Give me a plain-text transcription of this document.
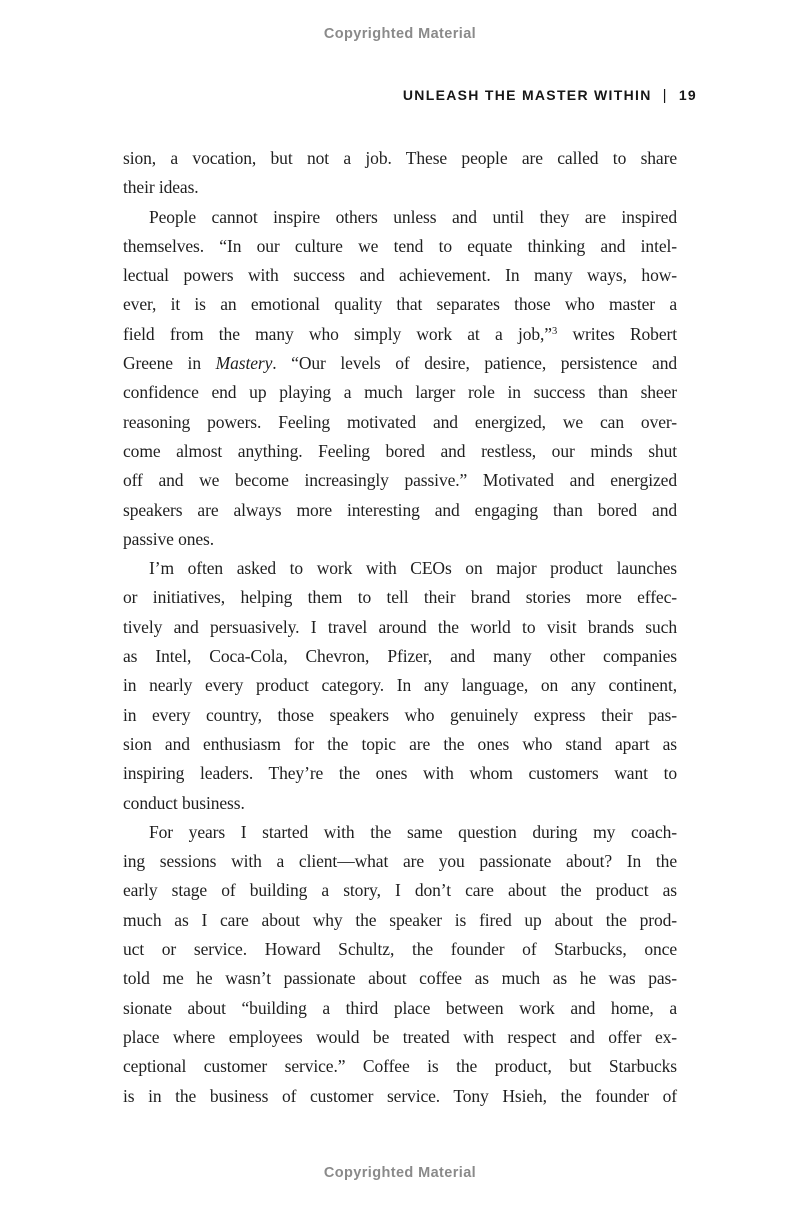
Copyrighted Material
UNLEASH THE MASTER WITHIN | 19
sion, a vocation, but not a job. These people are called to share
their ideas.
People cannot inspire others unless and until they are inspired
themselves. “In our culture we tend to equate thinking and intel-
lectual powers with success and achievement. In many ways, how-
ever, it is an emotional quality that separates those who master a
field from the many who simply work at a job,”$^3$ writes Robert
Greene in Mastery. “Our levels of desire, patience, persistence and
confidence end up playing a much larger role in success than sheer
reasoning powers. Feeling motivated and energized, we can over-
come almost anything. Feeling bored and restless, our minds shut
off and we become increasingly passive.” Motivated and energized
speakers are always more interesting and engaging than bored and
passive ones.
I’m often asked to work with CEOs on major product launches
or initiatives, helping them to tell their brand stories more effec-
tively and persuasively. I travel around the world to visit brands such
as Intel, Coca-Cola, Chevron, Pfizer, and many other companies
in nearly every product category. In any language, on any continent,
in every country, those speakers who genuinely express their pas-
sion and enthusiasm for the topic are the ones who stand apart as
inspiring leaders. They’re the ones with whom customers want to
conduct business.
For years I started with the same question during my coach-
ing sessions with a client—what are you passionate about? In the
early stage of building a story, I don’t care about the product as
much as I care about why the speaker is fired up about the prod-
uct or service. Howard Schultz, the founder of Starbucks, once
told me he wasn’t passionate about coffee as much as he was pas-
sionate about “building a third place between work and home, a
place where employees would be treated with respect and offer ex-
ceptional customer service.” Coffee is the product, but Starbucks
is in the business of customer service. Tony Hsieh, the founder of
Copyrighted Material
